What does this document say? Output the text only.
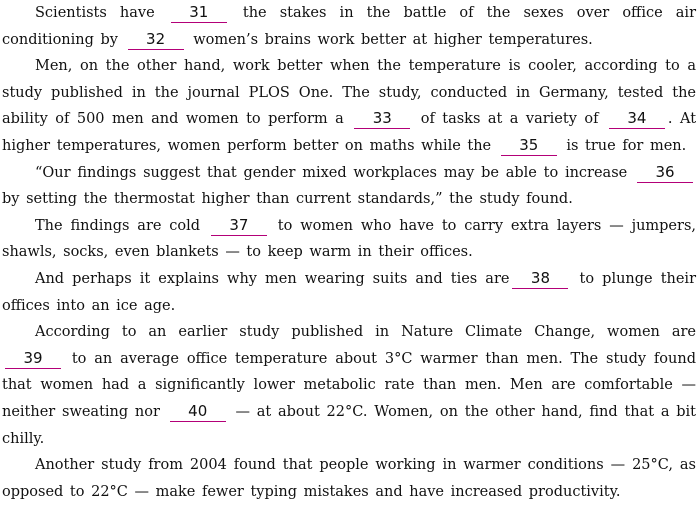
Scientists have 31 the stakes in the battle of the sexes over office air conditioning by 32 women’s brains work better at higher temperatures.

Men, on the other hand, work better when the temperature is cooler, according to a study published in the journal PLOS One. The study, conducted in Germany, tested the ability of 500 men and women to perform a 33 of tasks at a variety of 34 . At higher temperatures, women perform better on maths while the 35 is true for men.

“Our findings suggest that gender mixed workplaces may be able to increase 36 by setting the thermostat higher than current standards,” the study found.

The findings are cold 37 to women who have to carry extra layers — jumpers, shawls, socks, even blankets — to keep warm in their offices.

And perhaps it explains why men wearing suits and ties are 38 to plunge their offices into an ice age.

According to an earlier study published in Nature Climate Change, women are 39 to an average office temperature about 3°C warmer than men. The study found that women had a significantly lower metabolic rate than men. Men are comfortable — neither sweating nor 40 — at about 22°C. Women, on the other hand, find that a bit chilly.

Another study from 2004 found that people working in warmer conditions — 25°C, as opposed to 22°C — make fewer typing mistakes and have increased productivity.
